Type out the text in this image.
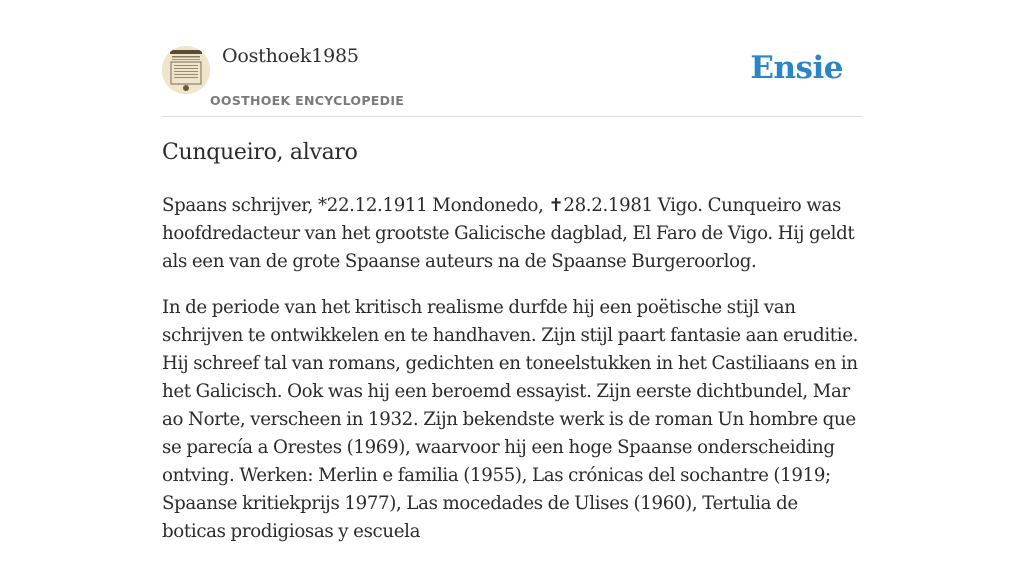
Oosthoek1985
OOSTHOEK ENCYCLOPEDIE
Ensie
Cunqueiro, alvaro

Spaans schrijver, *22.12.1911 Mondonedo, ✝28.2.1981 Vigo. Cunqueiro was hoofdredacteur van het grootste Galicische dagblad, El Faro de Vigo. Hij geldt als een van de grote Spaanse auteurs na de Spaanse Burgeroorlog.

In de periode van het kritisch realisme durfde hij een poëtische stijl van schrijven te ontwikkelen en te handhaven. Zijn stijl paart fantasie aan eruditie. Hij schreef tal van romans, gedichten en toneelstukken in het Castiliaans en in het Galicisch. Ook was hij een beroemd essayist. Zijn eerste dichtbundel, Mar ao Norte, verscheen in 1932. Zijn bekendste werk is de roman Un hombre que se parecía a Orestes (1969), waarvoor hij een hoge Spaanse onderscheiding ontving. Werken: Merlin e familia (1955), Las crónicas del sochantre (1919; Spaanse kritiekprijs 1977), Las mocedades de Ulises (1960), Tertulia de boticas prodigiosas y escuela
